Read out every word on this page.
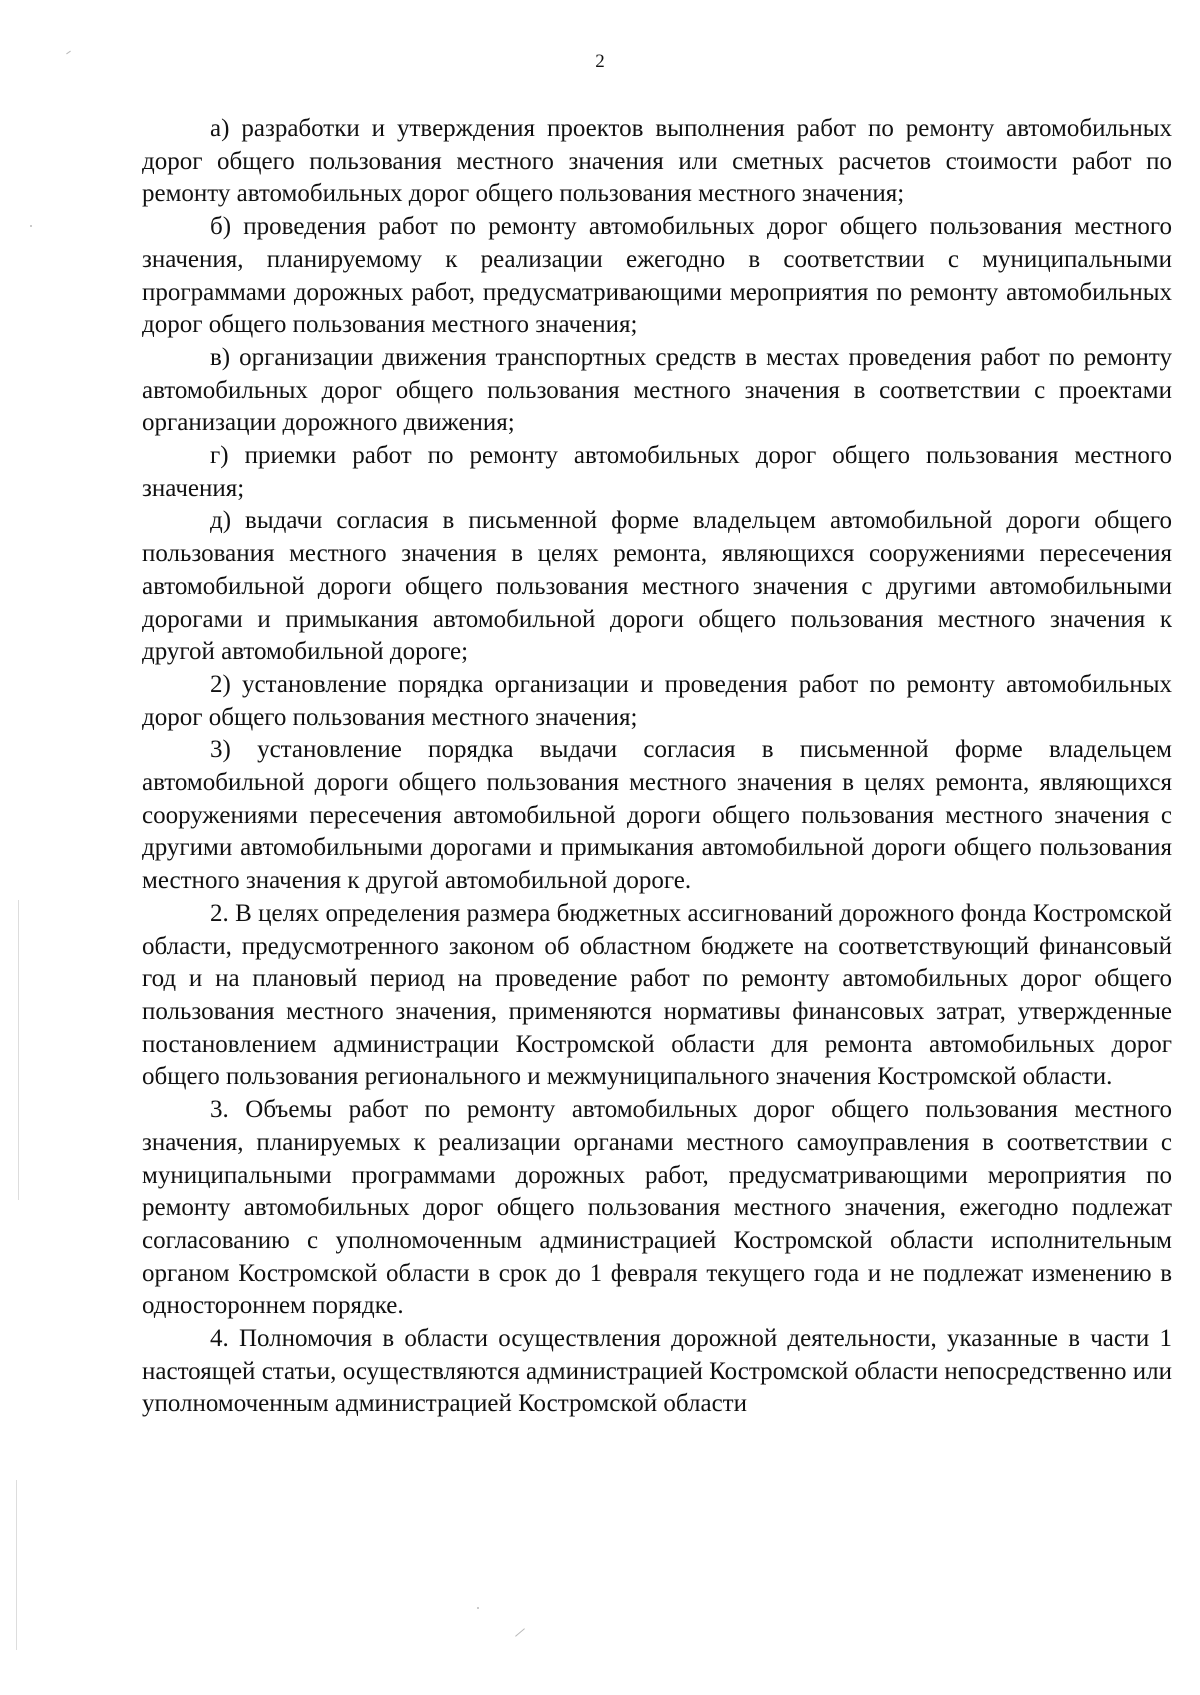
2

а) разработки и утверждения проектов выполнения работ по ремонту автомобильных дорог общего пользования местного значения или сметных расчетов стоимости работ по ремонту автомобильных дорог общего пользования местного значения;

б) проведения работ по ремонту автомобильных дорог общего пользования местного значения, планируемому к реализации ежегодно в соответствии с муниципальными программами дорожных работ, предусматривающими мероприятия по ремонту автомобильных дорог общего пользования местного значения;

в) организации движения транспортных средств в местах проведения работ по ремонту автомобильных дорог общего пользования местного значения в соответствии с проектами организации дорожного движения;

г) приемки работ по ремонту автомобильных дорог общего пользования местного значения;

д) выдачи согласия в письменной форме владельцем автомобильной дороги общего пользования местного значения в целях ремонта, являющихся сооружениями пересечения автомобильной дороги общего пользования местного значения с другими автомобильными дорогами и примыкания автомобильной дороги общего пользования местного значения к другой автомобильной дороге;

2) установление порядка организации и проведения работ по ремонту автомобильных дорог общего пользования местного значения;

3) установление порядка выдачи согласия в письменной форме владельцем автомобильной дороги общего пользования местного значения в целях ремонта, являющихся сооружениями пересечения автомобильной дороги общего пользования местного значения с другими автомобильными дорогами и примыкания автомобильной дороги общего пользования местного значения к другой автомобильной дороге.

2. В целях определения размера бюджетных ассигнований дорожного фонда Костромской области, предусмотренного законом об областном бюджете на соответствующий финансовый год и на плановый период на проведение работ по ремонту автомобильных дорог общего пользования местного значения, применяются нормативы финансовых затрат, утвержденные постановлением администрации Костромской области для ремонта автомобильных дорог общего пользования регионального и межмуниципального значения Костромской области.

3. Объемы работ по ремонту автомобильных дорог общего пользования местного значения, планируемых к реализации органами местного самоуправления в соответствии с муниципальными программами дорожных работ, предусматривающими мероприятия по ремонту автомобильных дорог общего пользования местного значения, ежегодно подлежат согласованию с уполномоченным администрацией Костромской области исполнительным органом Костромской области в срок до 1 февраля текущего года и не подлежат изменению в одностороннем порядке.

4. Полномочия в области осуществления дорожной деятельности, указанные в части 1 настоящей статьи, осуществляются администрацией Костромской области непосредственно или уполномоченным администрацией Костромской области
